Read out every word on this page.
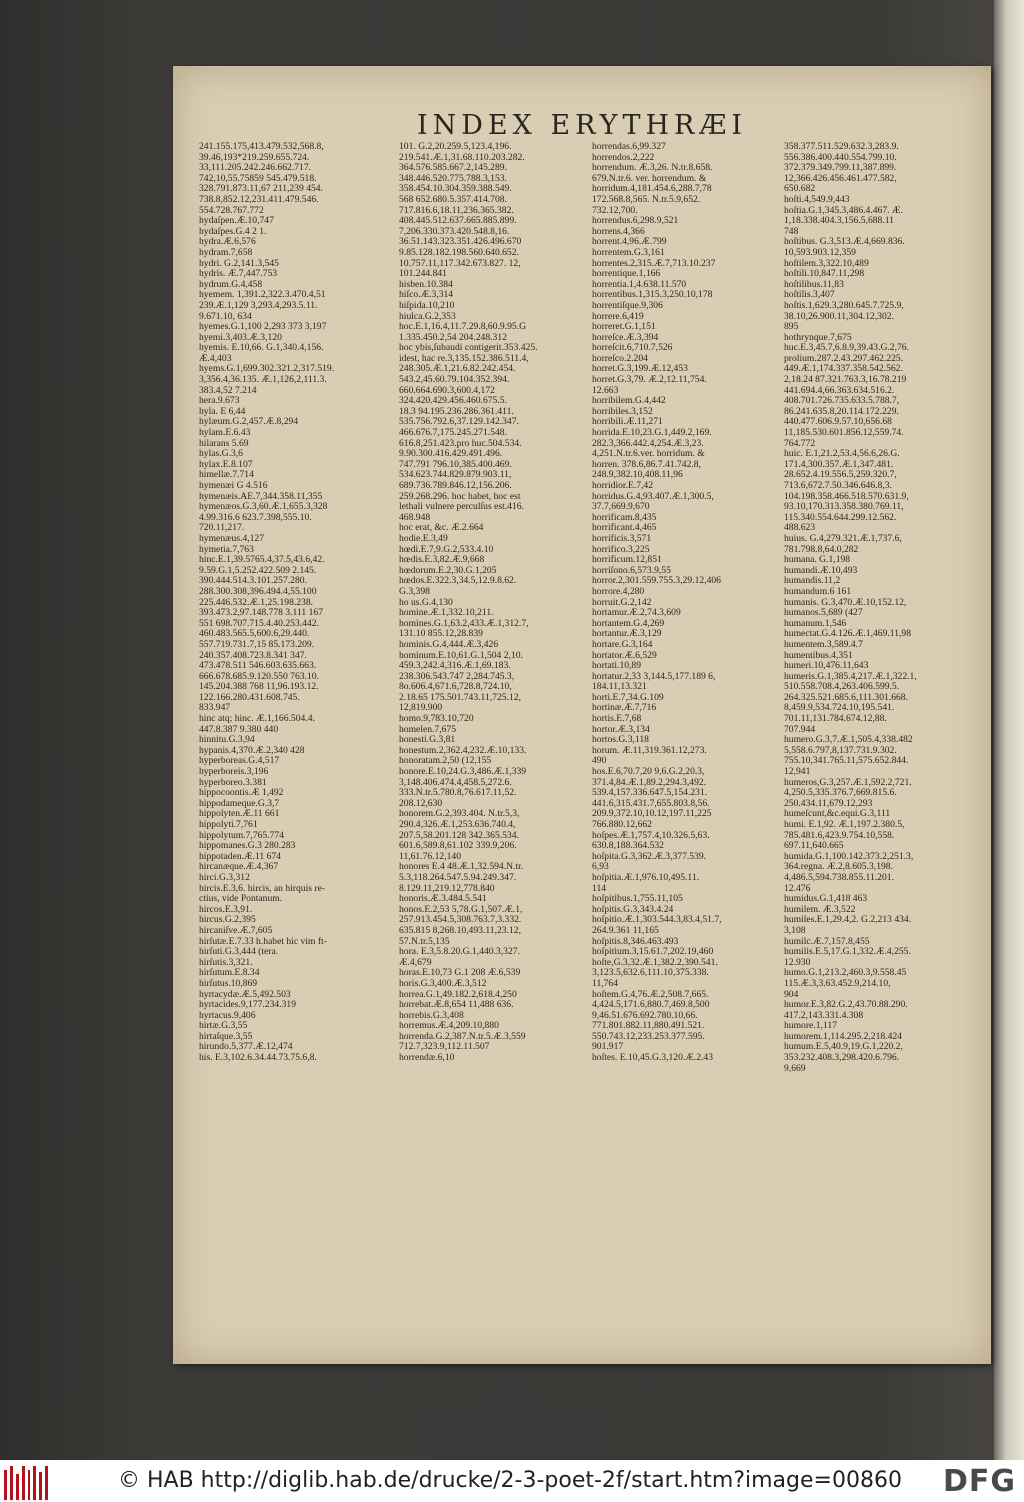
INDEX ERYTHRÆI
241.155.175,413.479.532,568.8,
39.46,193*219.259.655.724.
33,111.205.242.246.662.717.
742,10,55.75859 545.479.518.
328.791.873.11,67 211,239 454.
738.8,852.12,231.411.479.546.
554.728.767.772
hydaſpen.Æ.10,747
hydaſpes.G.4 2 1.
hydra.Æ.6,576
hydram.7,658
hydri. G.2,141.3,545
hydris. Æ.7,447.753
hydrum.G.4,458
hyemem. 1,391.2,322.3.470.4,51
239.Æ.1,129 3,293.4,293.5.11.
9.671.10, 634
hyemes.G.1,100 2,293 373 3,197
hyemi.3,403.Æ.3,120
hyemis. E.10,66. G.1,340.4,156.
Æ.4,403
hyems.G.1,699.302.321.2,317.519.
3,356.4,36.135. Æ.1,126,2,111.3.
383.4,52 7.214
hera.9.673
hyla. E 6,44
hylæum.G.2,457.Æ.8,294
hylam.E.6.43
hilarans 5.69
hylas.G.3,6
hylax.E.8.107
himellæ.7.714
hymenæi G 4.516
hymenæis.AE.7,344.358.11,355
hymenæos.G.3,60.Æ.1,655.3,328
4.99.316.6 623.7.398,555.10.
720.11,217.
hymenæus.4,127
hymetia.7,763
hinc.E.1,39.5765.4,37.5,43.6,42.
9.59.G.1,5.252.422.509 2.145.
390.444.514.3.101.257.280.
288.300.308,396.494.4,55.100
225.446.532.Æ.1,25.198.238.
393.473.2,97.148.778 3.111 167
551 698.707.715.4.40.253.442.
460.483.565.5,600.6,29.440.
557.719.731.7,15 85.173.209.
240.357.408.723.8.341 347.
473.478.511 546.603.635.663.
666.678.685.9.120.550 763.10.
145.204.388 768 11,96.193.12.
122.166.280.431.608.745.
833.947
hinc atq; hinc. Æ.1,166.504.4.
447.8.387 9.380 440
hinnitu.G.3,94
hypanis.4,370.Æ.2,340 428
hyperboreas.G.4,517
hyperboreis.3,196
hyperboreo.3.381
hippocoontis.Æ 1,492
hippodameque.G.3,7
hippolyten.Æ.11 661
hippolyti.7,761
hippolytum.7,765.774
hippomanes.G.3 280.283
hippotaden.Æ.11 674
hircanæque.Æ.4,367
hirci.G.3,312
hircis.E.3,6. hircis, an hirquis re-
ctius, vide Pontanum.
hircos.E.3,91.
hircus.G.2,395
hircaniſve.Æ.7,605
hirſutæ.E.7.33 h.habet hic vim ft-
hirſuti.G.3,444 (tera.
hirſutis.3,321.
hirſutum.E.8.34
hirſutus.10,869
hyrtacydæ.Æ.5,492.503
hyrtacides.9,177.234.319
hyrtacus.9,406
hirtæ.G.3,55
hirtaſque.3,55
hirundo.5,377.Æ.12,474
his. E.3,102.6.34.44.73.75.6,8.
101. G.2,20.259.5,123.4,196.
219.541.Æ.1,31.68.110.203.282.
364.576.585.667.2,145.289.
348.446.520.775.788.3,153.
358.454.10.304.359.388.549.
568 652.680.5.357.414.708.
717.816.6,18.11,236.365.382.
408.445.512.637.665.885.899.
7,206.330.373.420.548.8,16.
36.51.143.323.351.426.496.670
9.85.128.182.198.560.640.652.
10.757.11,117.342.673.827. 12,
101.244.841
hisben.10.384
hiſco.Æ.3,314
hiſpida.10,210
hiulca.G.2,353
hoc.E.1,16.4,11.7.29.8,60.9.95.G
1.335.450.2,54 204.248.312
hoc ybis,ſubaudi contigerit.353.425.
idest, hac re.3,135.152.386.511.4,
248.305.Æ.1,21.6.82.242.454.
543.2,45.60.79.104.352.394.
660.664.690.3,600.4,172
324.420.429.456.460.675.5.
18.3 94.195.236.286.361.411.
535.756.792.6,37.129.142.347.
466.676.7,175.245.271.548.
616.8,251.423.pro huc.504.534.
9.90.300.416.429.491.496.
747.791 796.10,385.400.469.
534.623.744.829.879.903.11,
689.736.789.846.12,156.206.
259.268.296. hoc habet, hoc est
lethali vulnere perculſus est.416.
468.948
hoc erat, &c. Æ.2.664
hodie.E.3,49
hœdi.E.7,9.G.2,533.4.10
hœdis.E.3,82.Æ.9,668
hœdorum.E.2,30.G.1,205
hœdos.E.322.3,34.5,12.9.8.62.
G.3,398
ho us.G.4,130
homine.Æ.1,332.10,211.
homines.G.1,63.2,433.Æ.1,312.7,
131.10 855.12,28.839
hominis.G.4,444.Æ.3,426
hominum.E.10,61.G.1,504 2,10.
459.3,242.4,316.Æ.1,69.183.
238.306.543.747 2,284.745.3,
8o.606.4,671.6,728.8,724.10,
2.18.65 175.501.743.11,725.12,
12,819.900
homo.9,783.10,720
homelen.7,675
honesti.G.3,81
honestum.2,362.4,232.Æ.10,133.
honoratam.2,50 (12,155
honore.E.10,24.G.3,486.Æ.1,339
3,148.406.474.4,458.5,272.6.
333.N.tr.5.780.8,76.617.11,52.
208.12,630
honorem.G.2,393.404. N.tr.5,3,
290.4,326.Æ.1,253.636.740.4,
207.5,58.201.128 342.365.534.
601.6,589.8,61.102 339.9,206.
11,61.76.12,140
honores E.4 48.Æ.1,32.594.N.tr.
5.3,118.264.547.5.94.249.347.
8.129.11,219.12,778.840
honoris.Æ.3.484.5.541
honos.E.2,53 5,78.G.1,507.Æ.1,
257.913.454.5,308.763.7,3.332.
635.815 8,268.10,493.11,23.12,
57.N.tr.5,135
hora. E.3,5.8.20.G.1,440.3,327.
Æ.4,679
horas.E.10,73 G.1 208 Æ.6,539
horis.G.3,400.Æ.3,512
horrea.G.1,49.182.2,618.4,250
horrebat.Æ.8,654 11,488 636.
horrebis.G.3,408
horremus.Æ.4,209.10,880
horrenda.G.2,387.N.tr.5.Æ.3,559
712.7,323.9,112.11.507
horrendæ.6,10
horrendas.6,99.327
horrendos.2,222
horrendum. Æ.3,26. N.tr.8.658.
679.N.tr.6. ver. horrendum. &
horridum.4,181.454.6,288.7,78
172.568.8,565. N.tr.5.9,652.
732.12,700.
horrendus.6,298.9,521
horrens.4,366
horrent.4,96.Æ.799
horrentem.G.3,161
horrentes.2,315.Æ.7,713.10.237
horrentique.1,166
horrentia.1,4.638.11.570
horrentibus.1,315.3,250.10,178
horrentiſque.9,306
horrere.6,419
horreret.G.1,151
horreſce.Æ.3,394
horreſcit.6,710.7,526
horreſco.2.204
horret.G.3,199.Æ.12,453
horret.G.3,79. Æ.2,12.11,754.
12.663
horribilem.G.4,442
horribiles.3,152
horribili.Æ.11,271
horrida.E.10,23.G.1,449.2,169.
282.3,366.442.4,254.Æ.3,23.
4,251.N.tr.6.ver. horridum. &
horren. 378.6,86.7.41.742.8,
248.9,382.10,408.11,96
horridior.E.7,42
horridus.G.4,93.407.Æ.1,300.5,
37.7,669.9,670
horrificam.8,435
horrificant.4,465
horrificis.3,571
horrifico.3,225
horrificum.12,851
horriſono.6,573.9,55
horror.2,301.559.755.3,29.12,406
horrore.4,280
horruit.G.2,142
hortamur.Æ.2,74.3,609
hortantem.G.4,269
hortantur.Æ.3,129
hortare.G.3,164
hortator.Æ.6,529
hortati.10,89
hortatur.2,33 3,144.5,177.189 6,
184.11,13.321
horti.E.7,34.G.109
hortinæ.Æ.7,716
hortis.E.7,68
hortor.Æ.3,134
hortos.G.3,118
horum. Æ.11,319.361.12,273.
490
hos.E.6,70.7,20 9,6.G.2,20.3,
371.4,84.Æ.1,89.2,294.3,492.
539.4,157.336.647.5,154.231.
441.6,315.431.7,655.803.8,56.
209.9,372.10,10.12,197.11,225
766.880.12,662
hoſpes.Æ.1,757.4,10.326.5,63.
630.8,188.364.532
hoſpita.G.3,362.Æ.3,377.539.
6,93
hoſpitia.Æ.1,976.10,495.11.
114
hoſpitibus.1,755.11,105
hoſpitis.G.3,343.4.24
hoſpitio.Æ.1,303.544.3,83.4,51.7,
264.9.361 11,165
hoſpitis.8,346.463.493
hoſpitium.3,15.61.7,202.19,460
hoſte,G.3,32.Æ.1,382.2,390.541.
3,123.5,632.6,111.10,375.338.
11,764
hoſtem.G.4,76.Æ.2,508.7,665.
4,424.5,171.6,880.7,469.8,500
9,46.51.676.692.780.10,66.
771.801.882.11,880.491.521.
550.743.12,233.253.377.595.
901.917
hoſtes. E.10,45.G.3,120.Æ.2.43
358.377.511.529.632.3,283.9.
556.386.400.440.554.799.10.
372.379.349.799.11,387.899.
12,366.426.456.461.477.582,
650.682
hoſti.4,549.9,443
hoſtia.G.1,345.3,486.4.467. Æ.
1,18.338.404.3,156.5,688.11
748
hoſtibus. G.3,513.Æ.4,669.836.
10,593.903.12,359
hoſtilem.3,322.10,489
hoſtili.10,847.11,298
hoſtilibus.11,83
hoſtilis.3,407
hoſtis.1,629.3,280.645.7.725.9,
38.10,26.900.11,304.12,302.
895
hothrynque.7,675
huc.E.3,45.7,6.8.9,39.43.G.2,76.
prolium.287.2.43.297.462.225.
449.Æ.1,174.337.358.542.562.
2,18.24 87.321.763.3,16.78.219
441.694.4,66.363.634.516.2.
408.701.726.735.633.5.788.7,
86.241.635.8,20.114.172.229.
440.477.606.9.57.10,656.68
11,185.530.601.856.12,559.74.
764.772
huic. E.1,21.2,53.4,56.6,26.G.
171.4,300.357.Æ.1,347.481.
28.652.4.19.556.5,259.320.7,
713.6,672.7.50.346.646.8,3.
104.198.358.466.518.570.631.9,
93.10,170.313.358.380.769.11,
115.340.554.644.299.12.562.
488.623
huius. G.4,279.321.Æ.1,737.6,
781.798.8,64.0,282
humana. G.1,198
humandi.Æ.10,493
humandis.11,2
humandum.6 161
humanis. G.3,470.Æ.10,152.12,
humanos.5,689 (427
humanum.1,546
humectat.G.4.126.Æ.1,469.11,98
humentem.3,589.4.7
humentibus.4,351
humeri.10,476.11,643
humeris.G.1,385.4,217.Æ.1,322.1,
510.558.708.4,263.406.599.5.
264.325.521.685.6,111.301.668.
8,459.9,534.724.10,195.541.
701.11,131.784.674.12,88.
707.944
humero.G.3,7.Æ.1,505.4,338.482
5,558.6.797,8,137.731.9.302.
755.10,341.765.11,575.652.844.
12,941
humeros,G.3,257.Æ.1,592.2,721.
4,250.5,335.376.7,669.815.6.
250.434.11,679.12,293
humeſcunt,&c.equi.G.3,111
humi. E.1,92. Æ.1,197.2.380.5,
785.481.6,423.9.754.10,558.
697.11,640.665
humida.G.1,100.142.373.2,251.3,
364.regna. Æ.2,8.605.3,198.
4,486.5,594.738.855.11.201.
12.476
humidus.G.1,418 463
humilem. Æ.3,522
humiles.E.1,29.4,2. G.2,213 434.
3,108
humilc.Æ.7,157.8,455
humilis.E.5,17.G.1,332.Æ.4,255.
12.930
humo.G.1,213.2,460.3,9.558.45
115.Æ.3,3.63.452.9,214.10,
904
humor.E.3,82.G.2,43.70.88.290.
417.2,143.331.4.308
humore.1,117
humorem.1,114.295.2,218.424
humum.E.5,40.9,19.G.1,220.2,
353.232.408.3,298.420.6.796.
9,669
© HAB http://diglib.hab.de/drucke/2-3-poet-2f/start.htm?image=00860 DFG
